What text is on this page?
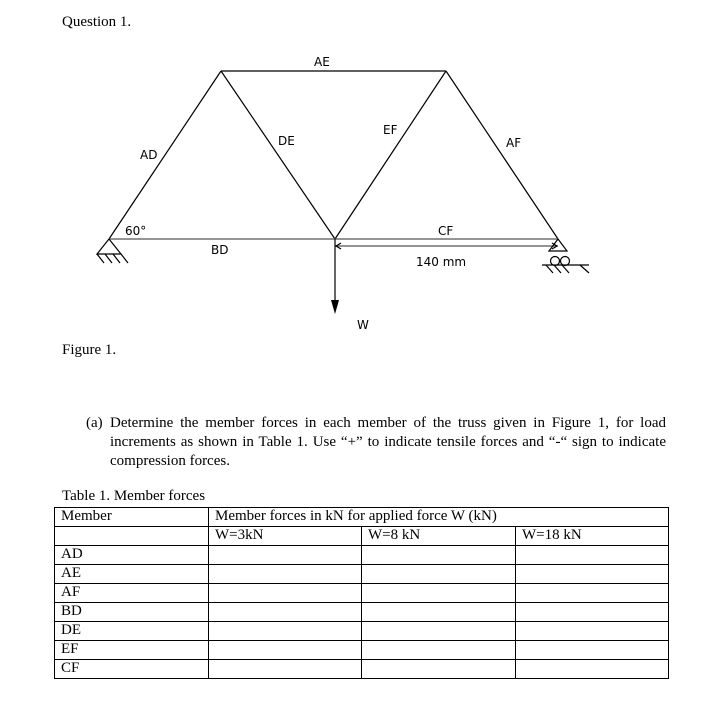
Question 1.
AE
AD
DE
EF
AF
60°
BD
CF
140 mm
W
Figure 1.
(a) Determine the member forces in each member of the truss given in Figure 1, for load increments as shown in Table 1. Use “+” to indicate tensile forces and “-“ sign to indicate compression forces.
Table 1. Member forces
Member	Member forces in kN for applied force W (kN)		
	W=3kN	W=8 kN	W=18 kN
AD			
AE			
AF			
BD			
DE			
EF			
CF			
